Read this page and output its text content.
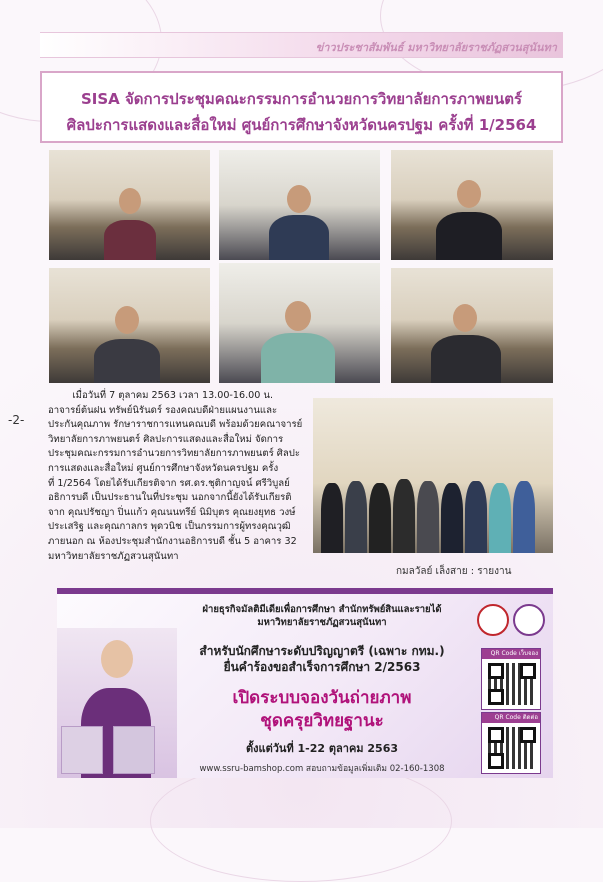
ข่าวประชาสัมพันธ์ มหาวิทยาลัยราชภัฏสวนสุนันทา
SISA จัดการประชุมคณะกรรมการอำนวยการวิทยาลัยการภาพยนตร์
ศิลปะการแสดงและสื่อใหม่ ศูนย์การศึกษาจังหวัดนครปฐม ครั้งที่ 1/2564
-2-
เมื่อวันที่ 7 ตุลาคม 2563 เวลา 13.00-16.00 น.
อาจารย์ต้นฝน ทรัพย์นิรันดร์ รองคณบดีฝ่ายแผนงานและ
ประกันคุณภาพ รักษาราชการแทนคณบดี พร้อมด้วยคณาจารย์
วิทยาลัยการภาพยนตร์ ศิลปะการแสดงและสื่อใหม่ จัดการ
ประชุมคณะกรรมการอำนวยการวิทยาลัยการภาพยนตร์ ศิลปะ
การแสดงและสื่อใหม่ ศูนย์การศึกษาจังหวัดนครปฐม ครั้ง
ที่ 1/2564 โดยได้รับเกียรติจาก รศ.ดร.ชุติกาญจน์ ศรีวิบูลย์
อธิการบดี เป็นประธานในที่ประชุม นอกจากนี้ยังได้รับเกียรติ
จาก คุณปรัชญา ปิ่นแก้ว คุณนนทรีย์ นิมิบุตร คุณยงยุทธ วงษ์
ประเสริฐ และคุณกาลกร พุดวนิช เป็นกรรมการผู้ทรงคุณวุฒิ
ภายนอก ณ ห้องประชุมสำนักงานอธิการบดี ชั้น 5 อาคาร 32
มหาวิทยาลัยราชภัฏสวนสุนันทา
กมลวัลย์ เล็งสาย : รายงาน
ฝ่ายธุรกิจมัลติมีเดียเพื่อการศึกษา สำนักทรัพย์สินและรายได้
มหาวิทยาลัยราชภัฏสวนสุนันทา
สำหรับนักศึกษาระดับปริญญาตรี (เฉพาะ กทม.)
ยื่นคำร้องขอสำเร็จการศึกษา 2/2563
เปิดระบบจองวันถ่ายภาพ
ชุดครุยวิทยฐานะ
ตั้งแต่วันที่ 1-22 ตุลาคม 2563
www.ssru-bamshop.com สอบถามข้อมูลเพิ่มเติม 02-160-1308
QR Code เว็บจอง
QR Code ติดต่อ
